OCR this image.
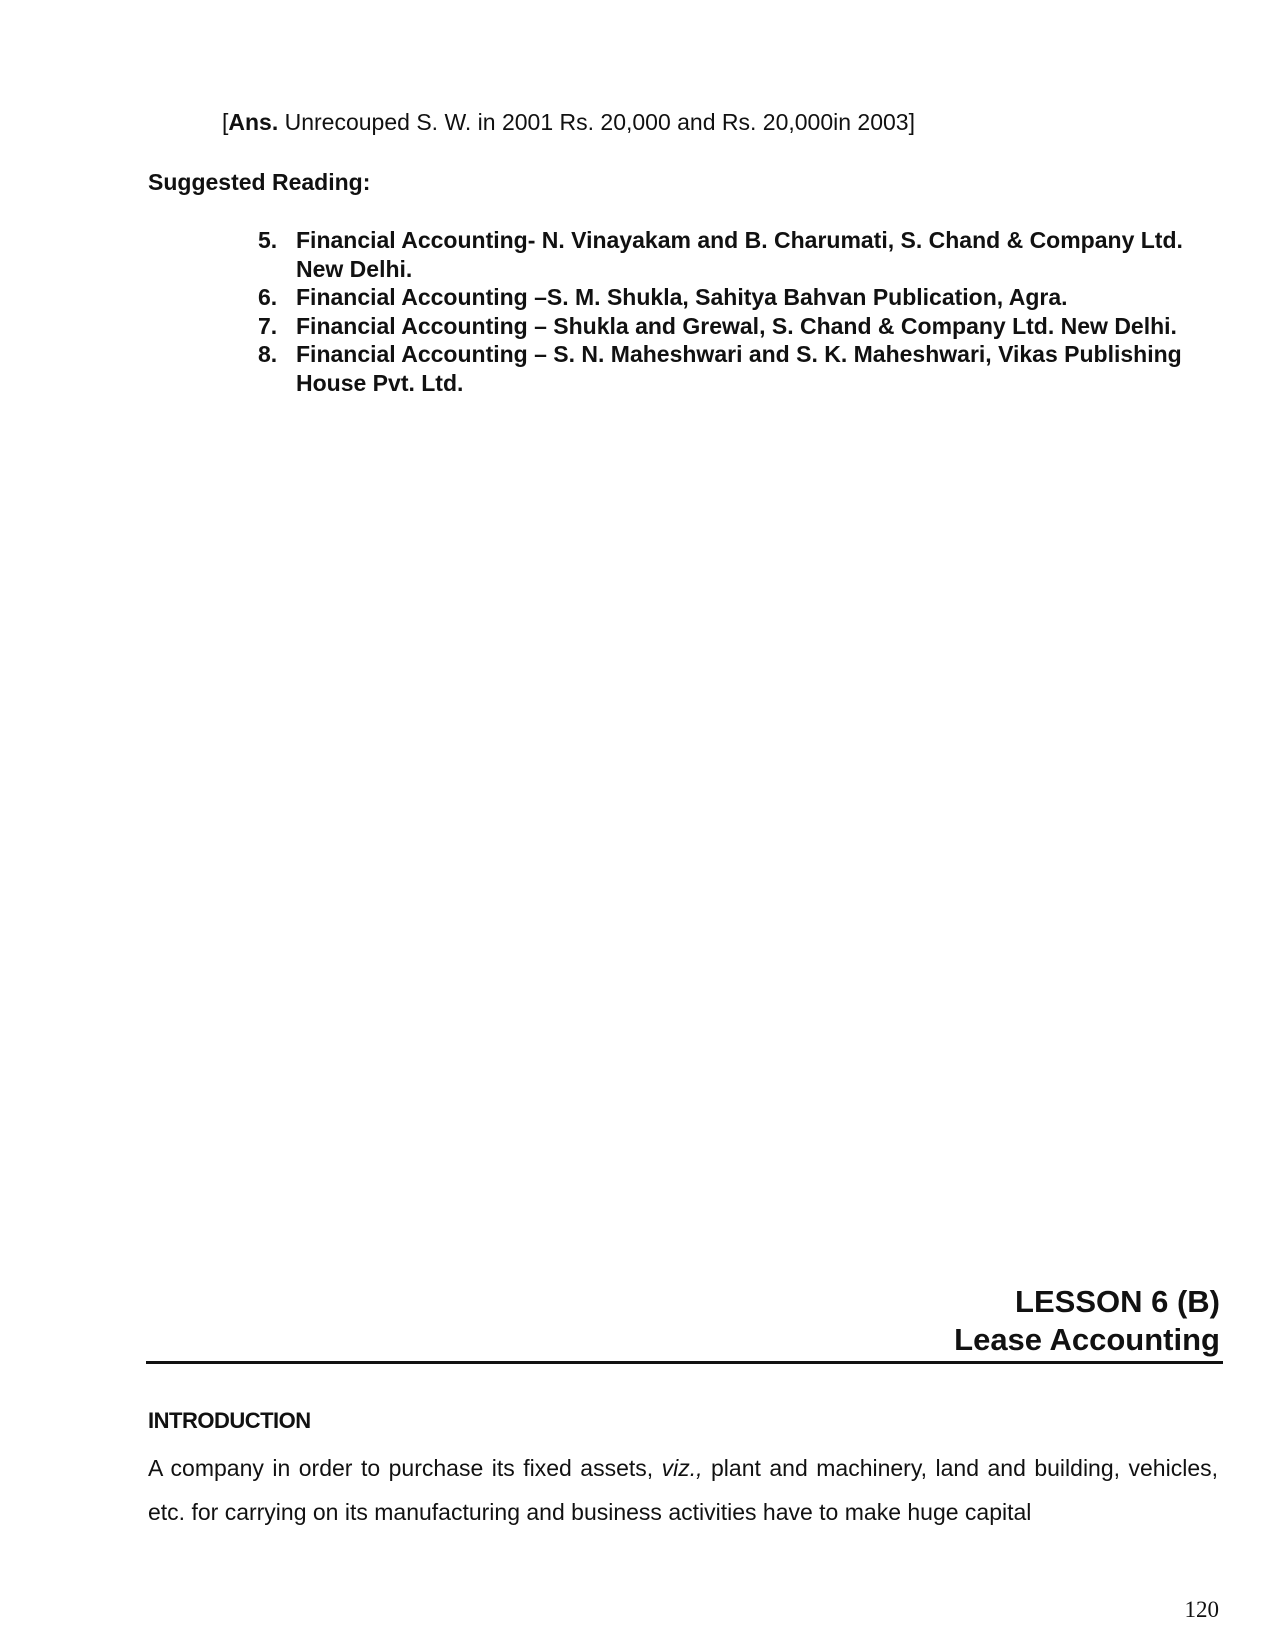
[Ans. Unrecouped S. W. in 2001 Rs. 20,000 and Rs. 20,000in 2003]
Suggested Reading:
5. Financial Accounting- N. Vinayakam and B. Charumati, S. Chand & Company Ltd. New Delhi.
6. Financial Accounting –S. M. Shukla, Sahitya Bahvan Publication, Agra.
7. Financial Accounting – Shukla and Grewal, S. Chand & Company Ltd. New Delhi.
8. Financial Accounting – S. N. Maheshwari and S. K. Maheshwari, Vikas Publishing House Pvt. Ltd.
LESSON 6 (B)
Lease Accounting
INTRODUCTION
A company in order to purchase its fixed assets, viz., plant and machinery, land and building, vehicles, etc. for carrying on its manufacturing and business activities have to make huge capital
120
